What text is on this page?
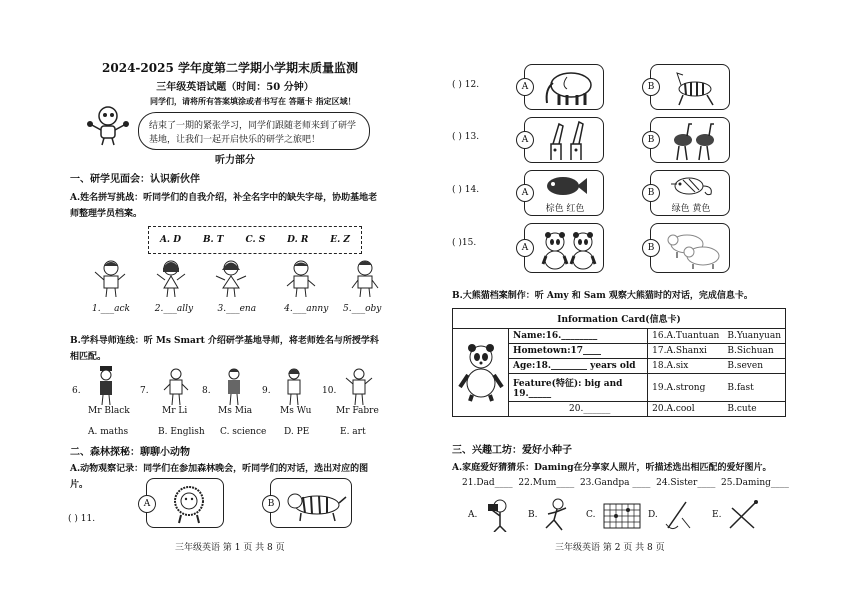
2024-2025 学年度第二学期小学期末质量监测
三年级英语试题（时间：50 分钟）
同学们，请将所有答案填涂或者书写在 答题卡 指定区域！
结束了一期的紧张学习，同学们跟随老师来到了研学基地，让我们一起开启快乐的研学之旅吧！
听力部分
一、研学见面会：认识新伙伴
A.姓名拼写挑战：听同学们的自我介绍，补全名字中的缺失字母，协助基地老师整理学员档案。
A. D B. T C. S D. R E. Z
1.___ack	2.___ally	3.___ena	4.___anny	5.___oby
B.学科导师连线：听 Ms Smart 介绍研学基地导师，将老师姓名与所授学科相匹配。
6.	7.	8.	9.	10.
Mr Black	Mr Li	Ms Mia	Ms Wu	Mr Fabre
A. maths	B. English C. science D. PE	E. art
二、森林探秘：聊聊小动物
A.动物观察记录：同学们在参加森林晚会，听同学们的对话，选出对应的图片。
( ) 11.
A	B
三年级英语 第 1 页 共 8 页
( ) 12.	A	B
( ) 13.	A	B
( ) 14.	A
棕色 红色
B
绿色 黄色
( )15.	A	B
B.大熊猫档案制作：听 Amy 和 Sam 观察大熊猫时的对话，完成信息卡。
Information Card(信息卡)
Name:16.________	16.A.Tuantuan	B.Yuanyuan
Hometown:17____	17.A.Shanxi	B.Sichuan
Age:18.________ years old	18.A.six	B.seven
Feature(特征): big and 19._____	19.A.strong	B.fast
20.______	20.A.cool	B.cute
三、兴趣工坊：爱好小种子
A.家庭爱好猜猜乐：Daming在分享家人照片，听描述选出相匹配的爱好图片。
21.Dad____  22.Mum____  23.Gandpa ____  24.Sister____  25.Daming____
A.	B.	C.	D.	E.
三年级英语 第 2 页 共 8 页
